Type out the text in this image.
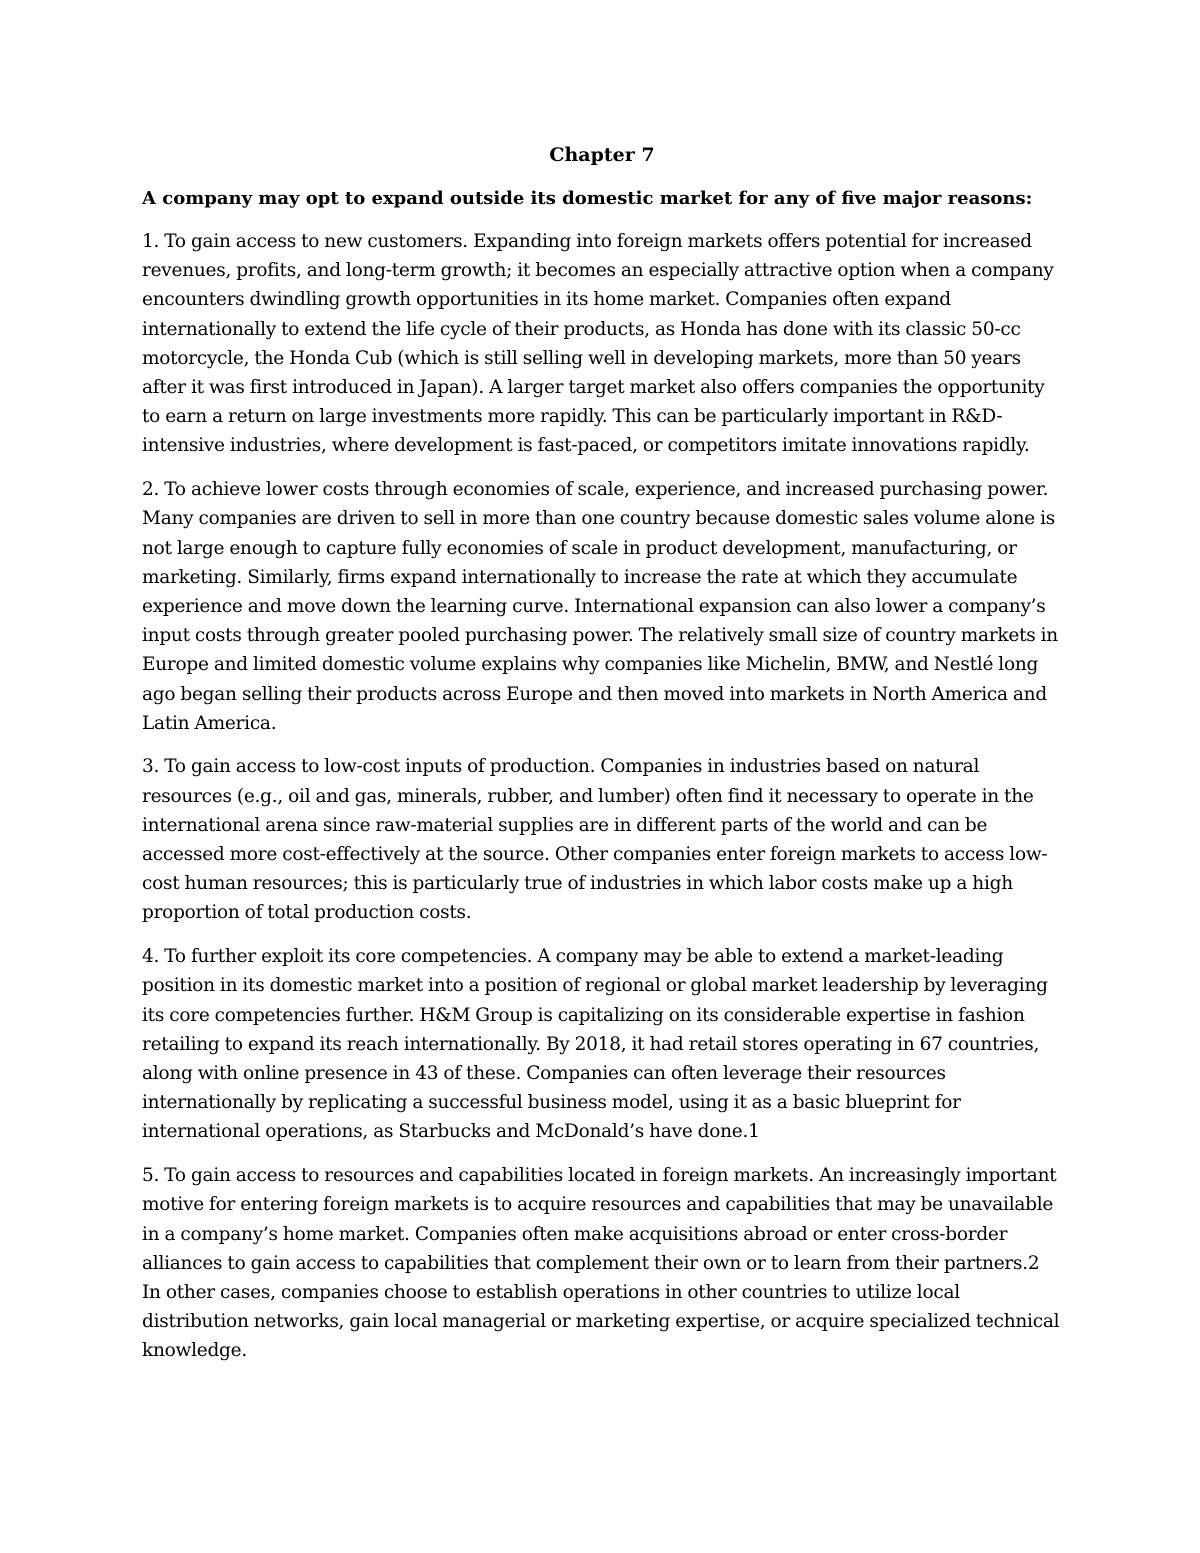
Chapter 7
A company may opt to expand outside its domestic market for any of five major reasons:

1. To gain access to new customers. Expanding into foreign markets offers potential for increased revenues, profits, and long-term growth; it becomes an especially attractive option when a company encounters dwindling growth opportunities in its home market. Companies often expand internationally to extend the life cycle of their products, as Honda has done with its classic 50-cc motorcycle, the Honda Cub (which is still selling well in developing markets, more than 50 years after it was first introduced in Japan). A larger target market also offers companies the opportunity to earn a return on large investments more rapidly. This can be particularly important in R&D-intensive industries, where development is fast-paced, or competitors imitate innovations rapidly.

2. To achieve lower costs through economies of scale, experience, and increased purchasing power. Many companies are driven to sell in more than one country because domestic sales volume alone is not large enough to capture fully economies of scale in product development, manufacturing, or marketing. Similarly, firms expand internationally to increase the rate at which they accumulate experience and move down the learning curve. International expansion can also lower a company’s input costs through greater pooled purchasing power. The relatively small size of country markets in Europe and limited domestic volume explains why companies like Michelin, BMW, and Nestlé long ago began selling their products across Europe and then moved into markets in North America and Latin America.

3. To gain access to low-cost inputs of production. Companies in industries based on natural resources (e.g., oil and gas, minerals, rubber, and lumber) often find it necessary to operate in the international arena since raw-material supplies are in different parts of the world and can be accessed more cost-effectively at the source. Other companies enter foreign markets to access low-cost human resources; this is particularly true of industries in which labor costs make up a high proportion of total production costs.

4. To further exploit its core competencies. A company may be able to extend a market-leading position in its domestic market into a position of regional or global market leadership by leveraging its core competencies further. H&M Group is capitalizing on its considerable expertise in fashion retailing to expand its reach internationally. By 2018, it had retail stores operating in 67 countries, along with online presence in 43 of these. Companies can often leverage their resources internationally by replicating a successful business model, using it as a basic blueprint for international operations, as Starbucks and McDonald’s have done.1

5. To gain access to resources and capabilities located in foreign markets. An increasingly important motive for entering foreign markets is to acquire resources and capabilities that may be unavailable in a company’s home market. Companies often make acquisitions abroad or enter cross-border alliances to gain access to capabilities that complement their own or to learn from their partners.2 In other cases, companies choose to establish operations in other countries to utilize local distribution networks, gain local managerial or marketing expertise, or acquire specialized technical knowledge.
